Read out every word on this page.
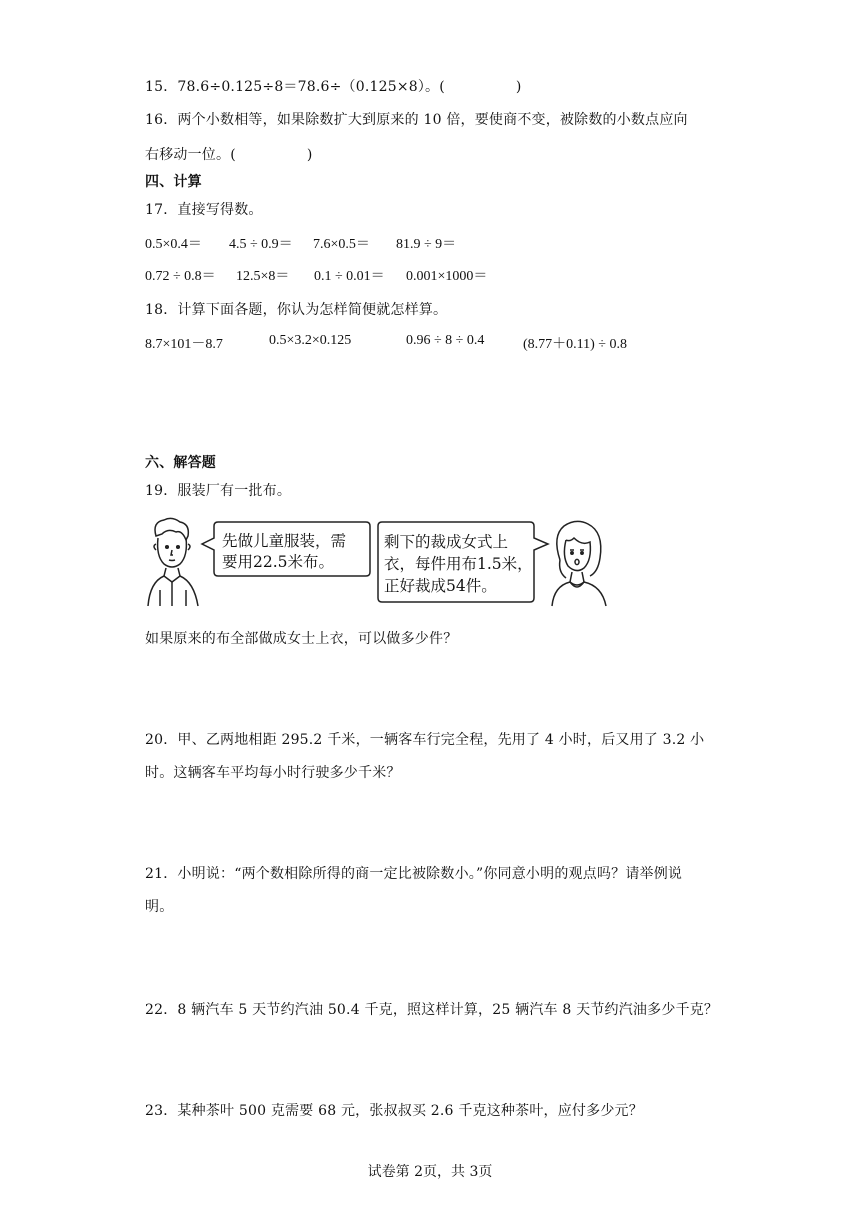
15．78.6÷0.125÷8＝78.6÷（0.125×8）。(　　　　　)
16．两个小数相等，如果除数扩大到原来的 10 倍，要使商不变，被除数的小数点应向
右移动一位。(　　　　　)
四、计算
17．直接写得数。
0.5×0.4＝ 4.5 ÷ 0.9＝ 7.6×0.5＝ 81.9 ÷ 9＝
0.72 ÷ 0.8＝ 12.5×8＝ 0.1 ÷ 0.01＝ 0.001×1000＝
18．计算下面各题，你认为怎样简便就怎样算。
8.7×101－8.7	0.5×3.2×0.125	0.96 ÷ 8 ÷ 0.4	(8.77＋0.11) ÷ 0.8
六、解答题
19．服装厂有一批布。
先做儿童服装，需
要用22.5米布。
剩下的裁成女式上
衣，每件用布1.5米，
正好裁成54件。
如果原来的布全部做成女士上衣，可以做多少件？
20．甲、乙两地相距 295.2 千米，一辆客车行完全程，先用了 4 小时，后又用了 3.2 小
时。这辆客车平均每小时行驶多少千米？
21．小明说：“两个数相除所得的商一定比被除数小。”你同意小明的观点吗？请举例说
明。
22．8 辆汽车 5 天节约汽油 50.4 千克，照这样计算，25 辆汽车 8 天节约汽油多少千克？
23．某种茶叶 500 克需要 68 元，张叔叔买 2.6 千克这种茶叶，应付多少元？
试卷第 2页，共 3页
